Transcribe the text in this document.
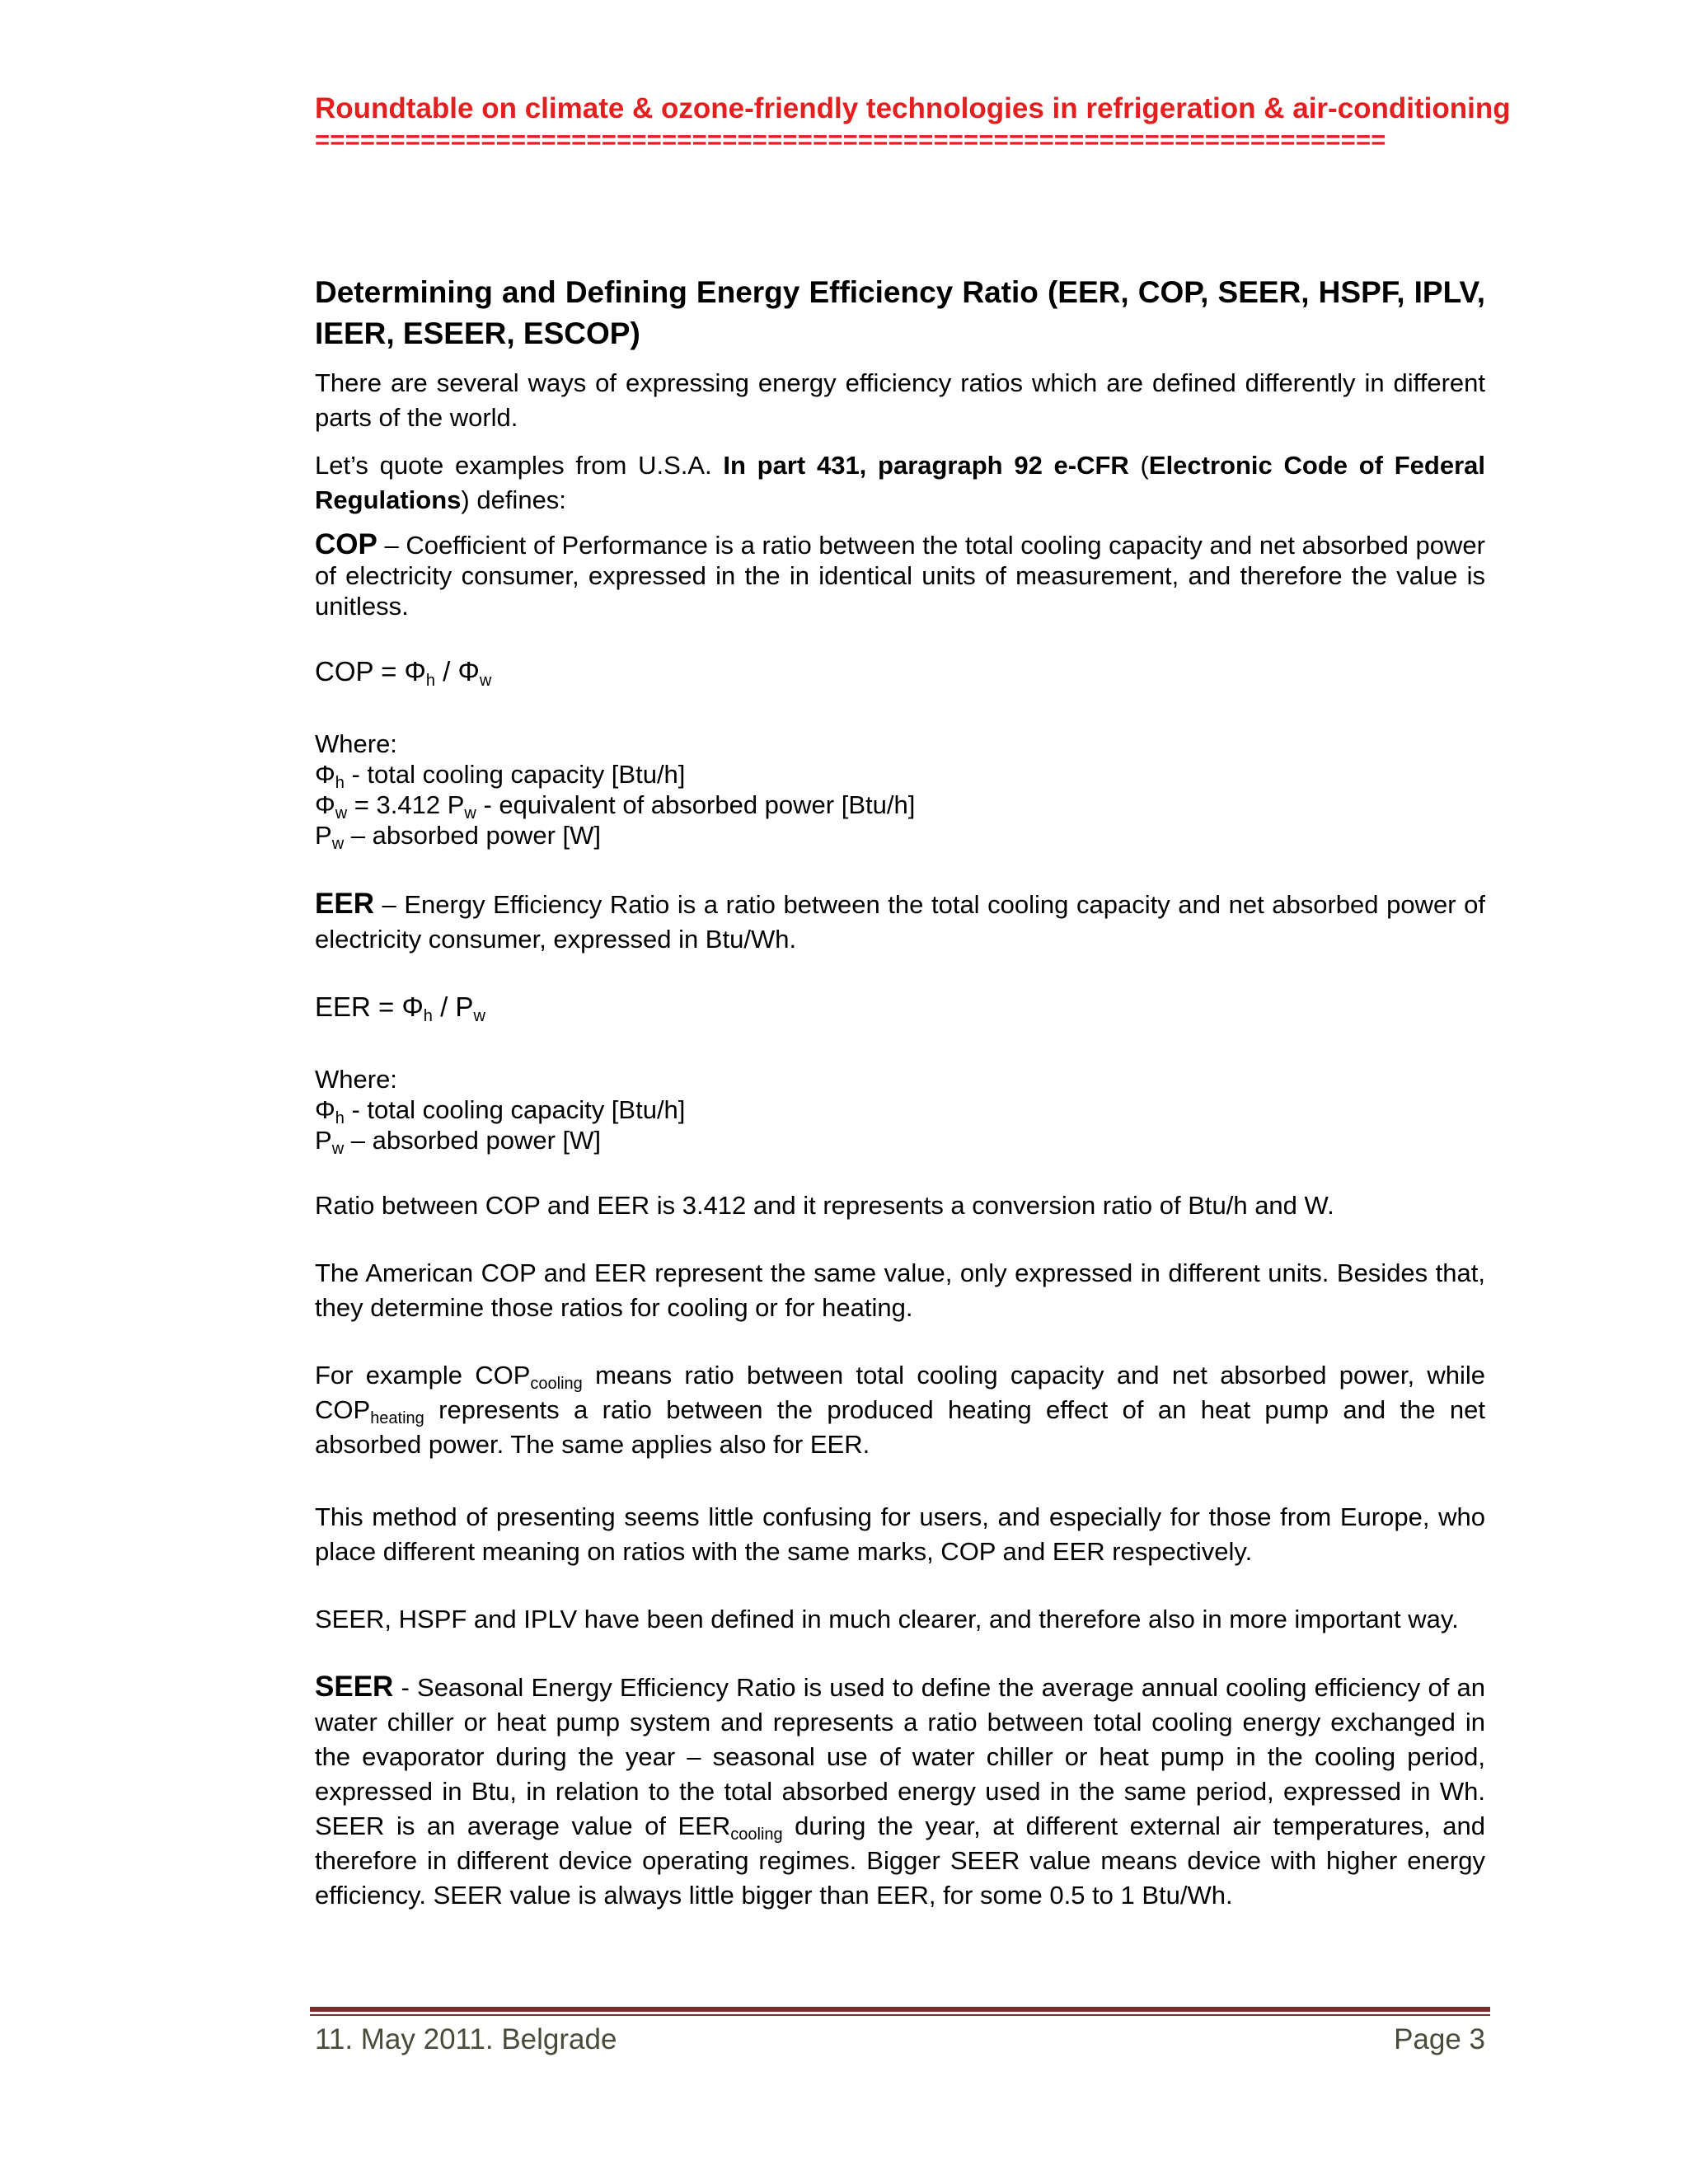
Roundtable on climate & ozone-friendly technologies in refrigeration & air-conditioning
=======================================================================
Determining and Defining Energy Efficiency Ratio (EER, COP, SEER, HSPF, IPLV, IEER, ESEER, ESCOP)

There are several ways of expressing energy efficiency ratios which are defined differently in different parts of the world.

Let’s quote examples from U.S.A. In part 431, paragraph 92 e-CFR (Electronic Code of Federal Regulations) defines:

COP – Coefficient of Performance is a ratio between the total cooling capacity and net absorbed power of electricity consumer, expressed in the in identical units of measurement, and therefore the value is unitless.

COP = $\Phi_h / \Phi_w$

Where:

$\Phi_h$ - total cooling capacity [Btu/h]

$\Phi_w = 3.412$ $P_w$ - equivalent of absorbed power [Btu/h]

$P_w$ – absorbed power [W]

EER – Energy Efficiency Ratio is a ratio between the total cooling capacity and net absorbed power of electricity consumer, expressed in Btu/Wh.

EER = $\Phi_h / P_w$

Where:

$\Phi_h$ - total cooling capacity [Btu/h]

$P_w$ – absorbed power [W]

Ratio between COP and EER is 3.412 and it represents a conversion ratio of Btu/h and W.

The American COP and EER represent the same value, only expressed in different units. Besides that, they determine those ratios for cooling or for heating.

For example $COP_{cooling}$ means ratio between total cooling capacity and net absorbed power, while $COP_{heating}$ represents a ratio between the produced heating effect of an heat pump and the net absorbed power. The same applies also for EER.

This method of presenting seems little confusing for users, and especially for those from Europe, who place different meaning on ratios with the same marks, COP and EER respectively.

SEER, HSPF and IPLV have been defined in much clearer, and therefore also in more important way.

SEER - Seasonal Energy Efficiency Ratio is used to define the average annual cooling efficiency of an water chiller or heat pump system and represents a ratio between total cooling energy exchanged in the evaporator during the year – seasonal use of water chiller or heat pump in the cooling period, expressed in Btu, in relation to the total absorbed energy used in the same period, expressed in Wh. SEER is an average value of $EER_{cooling}$ during the year, at different external air temperatures, and therefore in different device operating regimes. Bigger SEER value means device with higher energy efficiency. SEER value is always little bigger than EER, for some 0.5 to 1 Btu/Wh.

11. May 2011. Belgrade	Page 3
